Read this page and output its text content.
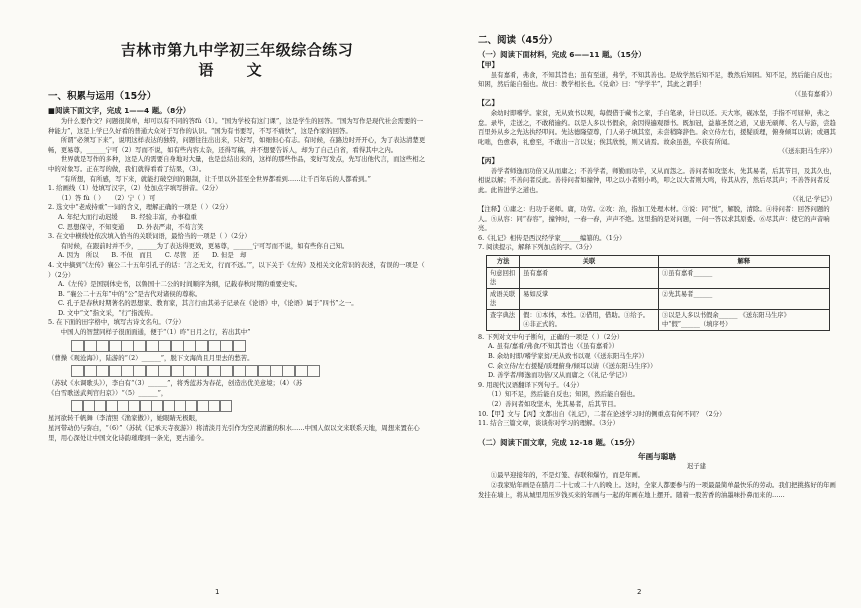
吉林市第九中学初三年级综合练习
语 文
一、积累与运用（15分）
■阅读下面文字，完成 1——4 题。（8分）

为什么要作文？问题很简单，却可以有不同的答fǔ（1）。“国为学校有这门课”，这是学生的回答。“国为写作是现代社会需要的一种能力”，这是上学已久好看的普通大众对于写作的认识。“国为有书要写，不写不痛快”，这是作家的回答。

所谓“必须写下来”，说明这样表达的独特，问题往往出出来，只好写，如细但心有志。有时候，在路边时开开心，为了表达清楚更畅，更易尊，______宁可（2）写而不说，如有些内容太杂，还得写稿，并不想要告诉人，却为了自己自省，看得其中之内。

世界就是写作的多种，这是人的需要自身地对大量，也是总结出来的，这样的那些作品，变好写发点，先写出他代言，而这些相之中的对象写。正在写的做，我们就得看看了结果，（3）。

“有所想，有所感，写下来，就能打破空间的限制，让千里以外甚至全世界都看到……让千百年后的人都看到。”

1. 给画线（1）处填写汉字，（2）处加点字填写拼音。（2分）

（1）答 fù（ ）　　（2）宁（ ）可

2. 选文中“老成持重”一词的含义，理解正确的一项是（ ）（2分）

A. 年纪大而行动迟缓　　B. 经验丰富，办事稳重

C. 思想保守，不知变通　　D. 外表严肃，不苟言笑

3. 在文中横线处依次填入恰当的关联词语，最恰当的一项是（ ）（2分）

有时候，在跟前时并不少，______为了表达得更效，更易尊，______宁可写而不说，如有些你自己知。

A. 因为　所以　　B. 不但　而且　　C. 尽管　还　　D. 但是　却

4. 文中摘到“《左传》襄公二十五年引孔子的话：‘言之无文，行而不远。’”，以下关于《左传》及相关文化常识的表述，有误的一项是（ ）（2分）

A.《左传》是国别体史书，以鲁国十二公的时间顺序为纲，记载春秋时期的重要史实。

B. “襄公二十五年”中的“公”是古代对诸侯的尊称。

C. 孔子是春秋时期著名的思想家、教育家，其言行由其弟子记录在《论语》中，《论语》属于“四书”之一。

D. 文中“文”指文采，“行”指流传。

5. 在下面的田字格中，填写古诗文名句。（7分）

中国人的智慧同样子很面面通，便于“（1）昨“日月之行，若出其中”

（曹操《观沧海》），陆游的“（2）______”，脱下文海尚且月里去的愁苦。

（苏轼《水调歌头》），李白有“（3）______”，将秀蓝苏为春花，创造出优美意境；（4）（苏

《白雪歌送武判官归京》）“（5）______”，

星河欲转千帆舞（李清照《渔家傲》），她眼睛无极眼，

星河带动仍与弥白，“（6）”（苏轼《记承天寺夜游》）将清淡月光引作为空灵清澈的积水……中国人似以文来联系天地，周想来置在心里，用心深处让中国文化诗韵璀璨到一条光，更古通今。

1
二、阅读（45分）
（一）阅读下面材料，完成 6——11 题。（15分）
【甲】

虽有嘉肴，弗食，不知其旨也；虽有至道，弗学，不知其善也。是故学然后知不足，教然后知困。知不足，然后能自反也；知困，然后能自强也。故曰：教学相长也。《兑命》曰：“学学半”，其此之谓乎！

（《虽有嘉肴》）

【乙】

余幼时即嗜学。家贫，无从致书以观，每假借于藏书之家，手自笔录，计日以还。天大寒，砚冰坚，手指不可屈伸，弗之怠。录毕，走送之，不敢稍逾约。以是人多以书假余，余因得遍观群书。既加冠，益慕圣贤之道，又患无硕师、名人与游，尝趋百里外从乡之先达执经叩问。先达德隆望尊，门人弟子填其室，未尝稍降辞色。余立侍左右，援疑质理，俯身倾耳以请；或遇其叱咄，色愈恭，礼愈至，不敢出一言以复；俟其欣悦，则又请焉。故余虽愚，卒获有所闻。

（《送东阳马生序》）

【丙】

善学者师逸而功倍又从而庸之；不善学者，师勤而功半，又从而怨之。善问者如攻坚木，先其易者，后其节目，及其久也，相说以解；不善问者反此。善待问者如撞钟，叩之以小者则小鸣，叩之以大者则大鸣，待其从容，然后尽其声；不善答问者反此。此皆进学之道也。

（《礼记·学记》）

【注释】①庸之：归功于老师。庸，功劳。②攻：治，指加工处理木材。③说：同“悦”，解脱，清除。④待问者：回答问题的人。⑤从容：同“春容”，撞钟时，一舂一舂，声声不绝。这里指的是对问题，一问一答以求其原委。⑥尽其声：使它的声音响亮。

6.《礼记》相传是西汉经学家______编纂的。（1分）

7. 阅读提示，解释下列加点的字。（3分）

方法	关联	解释
句意回扣法	虽有嘉肴	①虽有嘉肴______
成语关联法	易如反掌	②先其易者______
查字典法	假：①本体，本性。②借用，借助。③给予。④非正式的。	③以是人多以书假余______ 《送东阳马生序》中“假”______（填序号）

8. 下列对文中句子断句，正确的一项是（ ）（2分）

A. 虽有/嘉肴/弗食/不知其旨也（《虽有嘉肴》）

B. 余幼时即/嗜学家贫/无从致书以观（《送东阳马生序》）

C. 余立侍/左右援疑/质理俯身/倾耳以请（《送东阳马生序》）

D. 善学者/师逸而功倍/又从而庸之（《礼记·学记》）

9. 用现代汉语翻译下列句子。（4分）

（1）知不足，然后能自反也；知困，然后能自强也。

（2）善问者如攻坚木，先其易者，后其节目。

10.【甲】文与【丙】文都出自《礼记》，二者在论述学习时的侧重点有何不同？（2分）

11. 结合三篇文章，谈谈你对学习的理解。（3分）

（二）阅读下面文章，完成 12-18 题。（15分）
年画与聪聃
迟子建

①最早迎接年的，不是灯笼、春联和爆竹，而是年画。

②我家贴年画是在腊月二十七或二十八的晚上。这时，全家人都要参与的一项最最简单最快乐的劳动。我们把挑拣好的年画发挂在墙上，将从城里用压岁钱买来的年画与一起的年画在地上摆开。随着一股苦香的油墨味扑鼻而来的……

2
